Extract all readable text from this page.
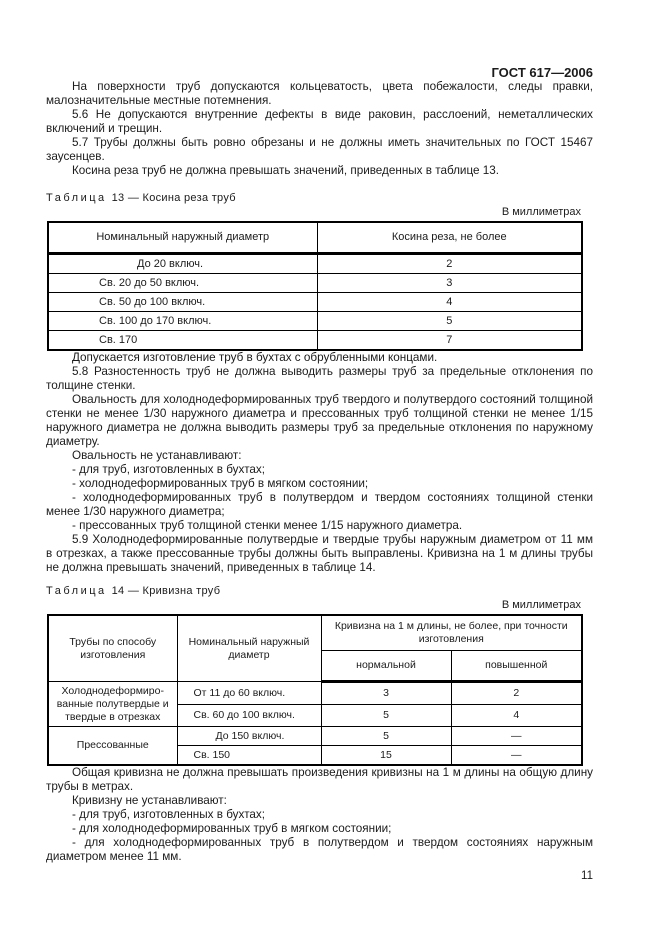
ГОСТ 617—2006

На поверхности труб допускаются кольцеватость, цвета побежалости, следы правки, малозначительные местные потемнения.

5.6 Не допускаются внутренние дефекты в виде раковин, расслоений, неметаллических включений и трещин.

5.7 Трубы должны быть ровно обрезаны и не должны иметь значительных по ГОСТ 15467 заусенцев.

Косина реза труб не должна превышать значений, приведенных в таблице 13.

Таблица 13 — Косина реза труб

В миллиметрах
Номинальный наружный диаметр	Косина реза, не более
До 20 включ.	2
Св. 20 до 50 включ.	3
Св. 50 до 100 включ.	4
Св. 100 до 170 включ.	5
Св. 170	7

Допускается изготовление труб в бухтах с обрубленными концами.

5.8 Разностенность труб не должна выводить размеры труб за предельные отклонения по толщине стенки.

Овальность для холоднодеформированных труб твердого и полутвердого состояний толщиной стенки не менее 1/30 наружного диаметра и прессованных труб толщиной стенки не менее 1/15 наружного диаметра не должна выводить размеры труб за предельные отклонения по наружному диаметру.

Овальность не устанавливают:

- для труб, изготовленных в бухтах;

- холоднодеформированных труб в мягком состоянии;

- холоднодеформированных труб в полутвердом и твердом состояниях толщиной стенки менее 1/30 наружного диаметра;

- прессованных труб толщиной стенки менее 1/15 наружного диаметра.

5.9 Холоднодеформированные полутвердые и твердые трубы наружным диаметром от 11 мм в отрезках, а также прессованные трубы должны быть выправлены. Кривизна на 1 м длины трубы не должна превышать значений, приведенных в таблице 14.

Таблица 14 — Кривизна труб

В миллиметрах
Трубы по способу изготовления	Номинальный наружный диаметр	Кривизна на 1 м длины, не более, при точности изготовления	
		нормальной	повышенной
Холоднодеформиро-ванные полутвердые и твердые в отрезках	От 11 до 60 включ.	3	2
	Св. 60 до 100 включ.	5	4
Прессованные	До 150 включ.	5	—
	Св. 150	15	—

Общая кривизна не должна превышать произведения кривизны на 1 м длины на общую длину трубы в метрах.

Кривизну не устанавливают:

- для труб, изготовленных в бухтах;

- для холоднодеформированных труб в мягком состоянии;

- для холоднодеформированных труб в полутвердом и твердом состояниях наружным диаметром менее 11 мм.

11
